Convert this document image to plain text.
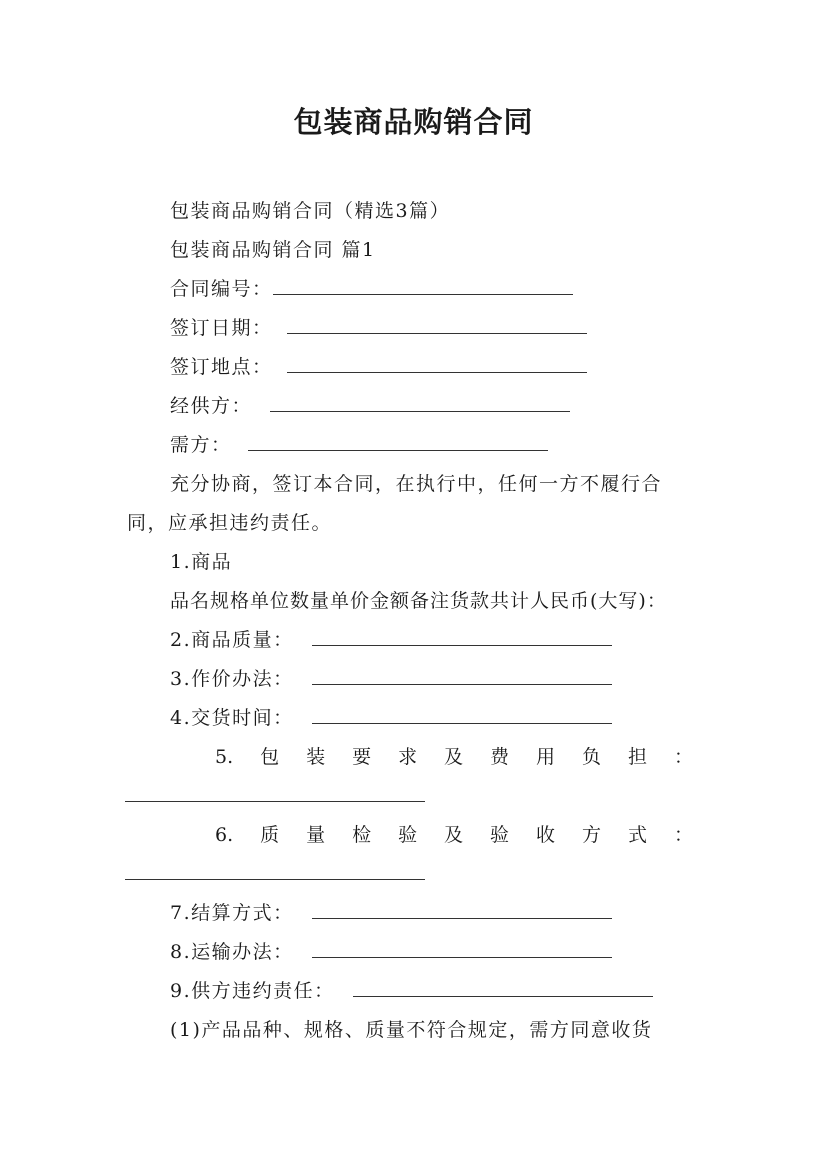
包装商品购销合同
包装商品购销合同（精选3篇）
包装商品购销合同 篇1
合同编号：
签订日期：
签订地点：
经供方：
需方：
充分协商，签订本合同，在执行中，任何一方不履行合
同，应承担违约责任。
1.商品
品名规格单位数量单价金额备注货款共计人民币(大写)：
2.商品质量：
3.作价办法：
4.交货时间：
5. 包 装 要 求 及 费 用 负 担 ：
6. 质 量 检 验 及 验 收 方 式 ：
7.结算方式：
8.运输办法：
9.供方违约责任：
(1)产品品种、规格、质量不符合规定，需方同意收货
